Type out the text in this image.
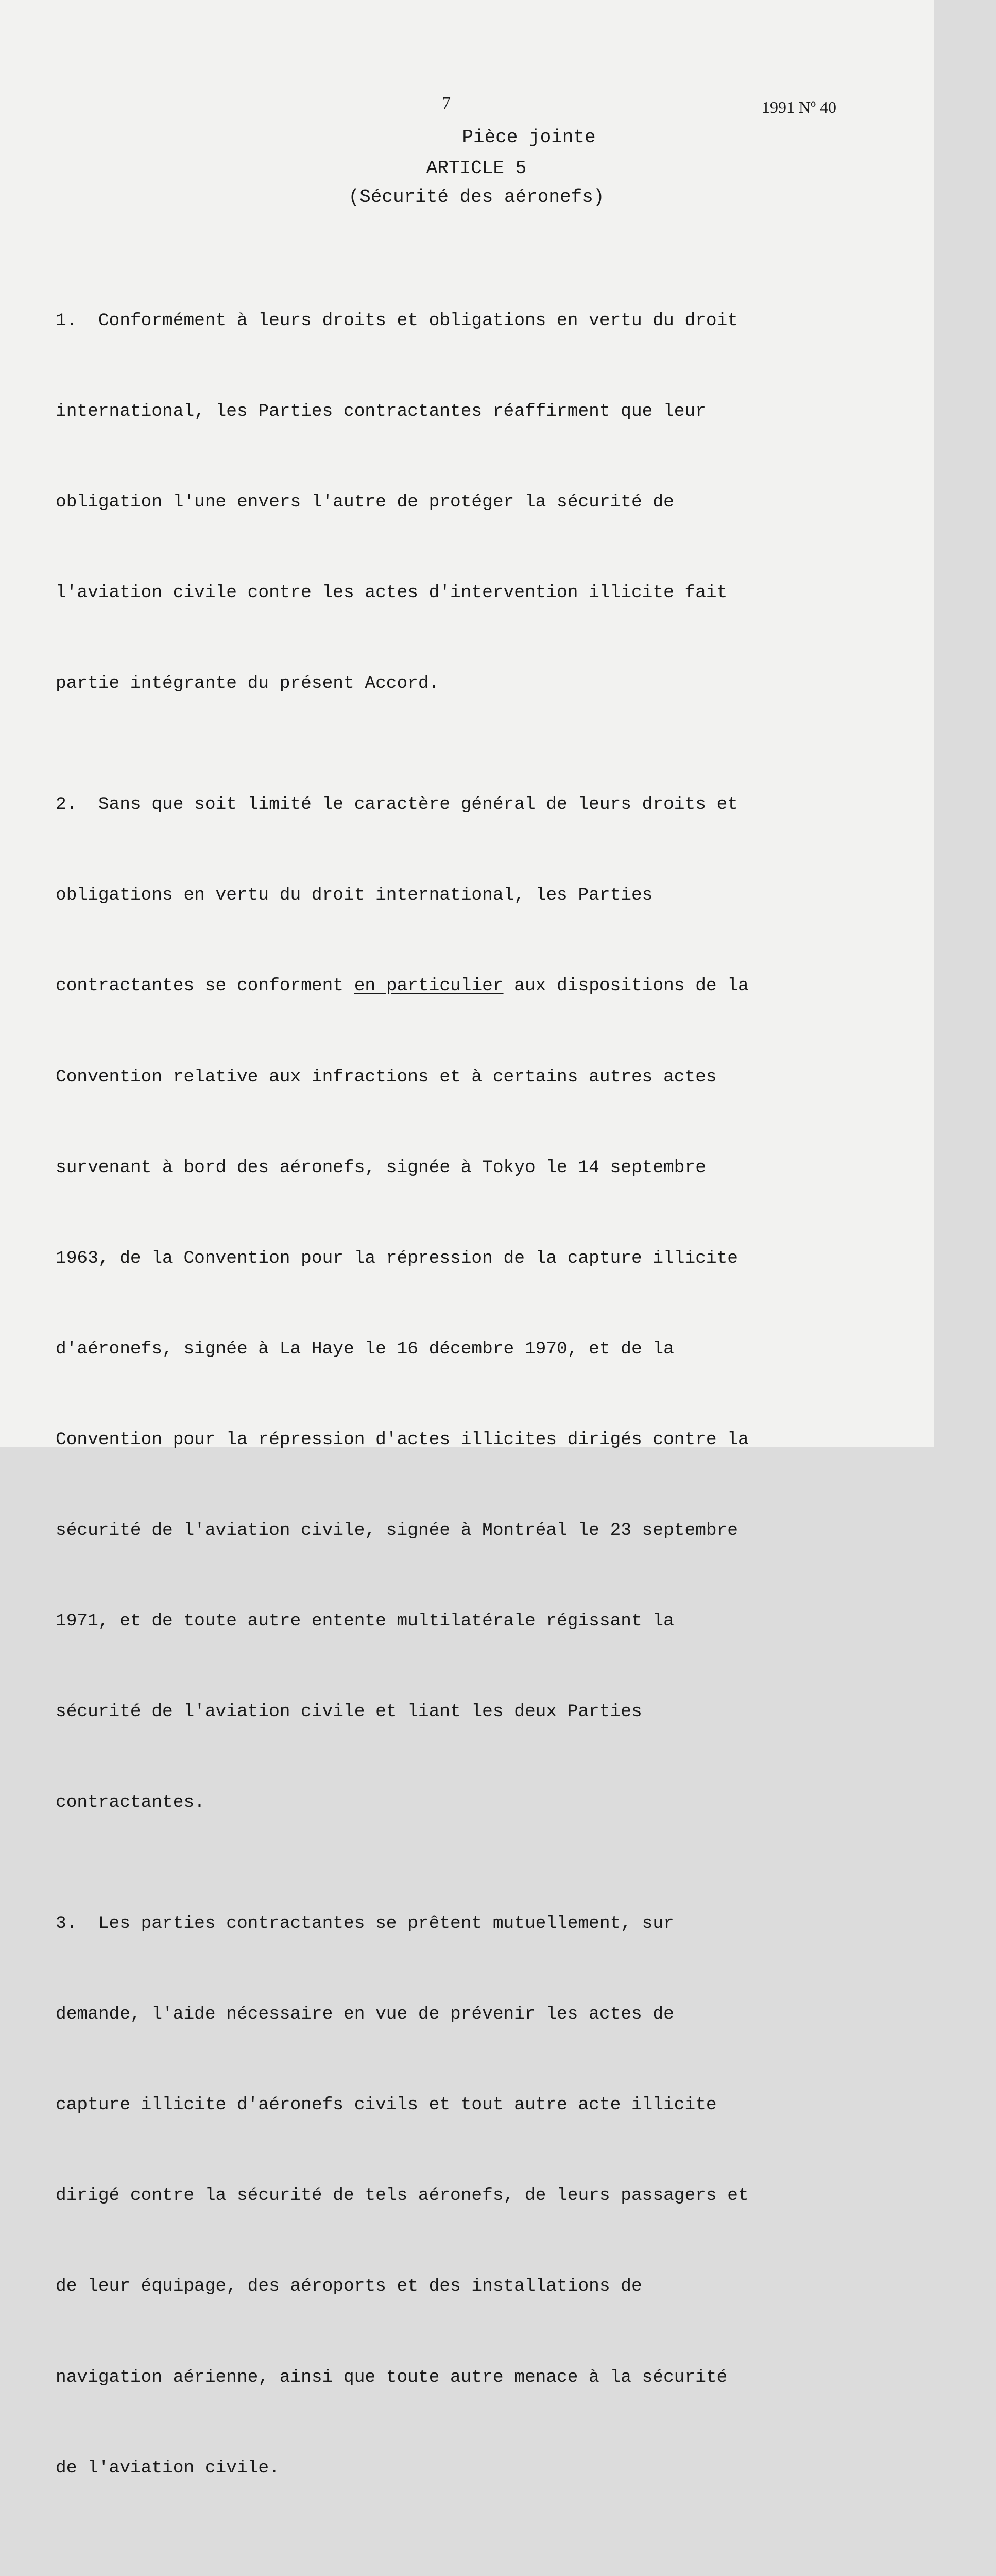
7	1991 Nº 40
Pièce jointe
ARTICLE 5
(Sécurité des aéronefs)

1.  Conformément à leurs droits et obligations en vertu du droit

international, les Parties contractantes réaffirment que leur

obligation l'une envers l'autre de protéger la sécurité de

l'aviation civile contre les actes d'intervention illicite fait

partie intégrante du présent Accord.

2.  Sans que soit limité le caractère général de leurs droits et

obligations en vertu du droit international, les Parties

contractantes se conforment en particulier aux dispositions de la

Convention relative aux infractions et à certains autres actes

survenant à bord des aéronefs, signée à Tokyo le 14 septembre

1963, de la Convention pour la répression de la capture illicite

d'aéronefs, signée à La Haye le 16 décembre 1970, et de la

Convention pour la répression d'actes illicites dirigés contre la

sécurité de l'aviation civile, signée à Montréal le 23 septembre

1971, et de toute autre entente multilatérale régissant la

sécurité de l'aviation civile et liant les deux Parties

contractantes.

3.  Les parties contractantes se prêtent mutuellement, sur

demande, l'aide nécessaire en vue de prévenir les actes de

capture illicite d'aéronefs civils et tout autre acte illicite

dirigé contre la sécurité de tels aéronefs, de leurs passagers et

de leur équipage, des aéroports et des installations de

navigation aérienne, ainsi que toute autre menace à la sécurité

de l'aviation civile.
